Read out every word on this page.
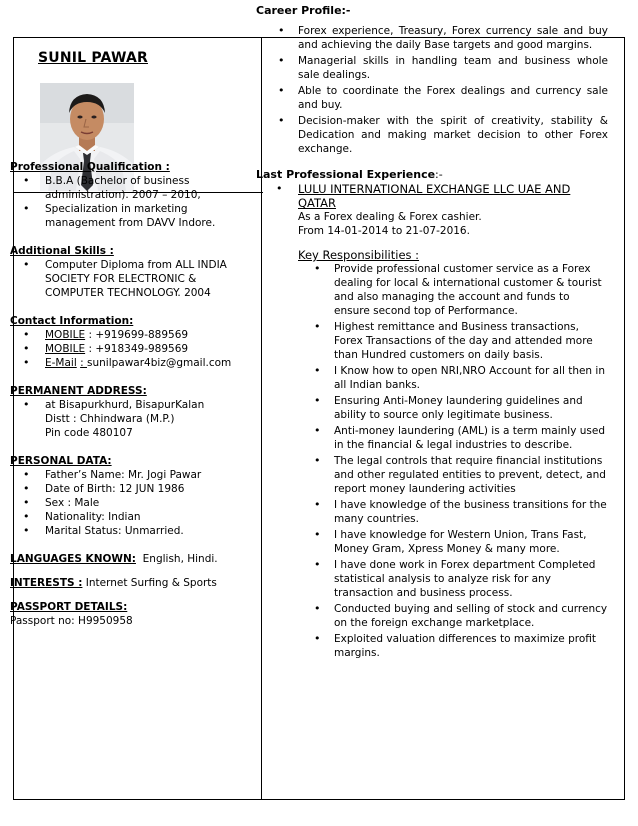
SUNIL PAWAR
Professional Qualification :
• B.B.A (Bachelor of business administration). 2007 – 2010,
• Specialization in marketing management from DAVV Indore.
Additional Skills :
• Computer Diploma from ALL INDIA SOCIETY FOR ELECTRONIC & COMPUTER TECHNOLOGY. 2004
Contact Information:
• MOBILE : +919699-889569
• MOBILE : +918349-989569
• E-Mail : sunilpawar4biz@gmail.com
PERMANENT ADDRESS:
• at Bisapurkhurd, BisapurKalan
Distt : Chhindwara (M.P.)
Pin code 480107
PERSONAL DATA:
• Father’s Name: Mr. Jogi Pawar
• Date of Birth: 12 JUN 1986
• Sex : Male
• Nationality: Indian
• Marital Status: Unmarried.
LANGUAGES KNOWN:  English, Hindi.
INTERESTS : Internet Surfing & Sports
PASSPORT DETAILS:
Passport no: H9950958
Career Profile:-
• Forex experience, Treasury, Forex currency sale and buy and achieving the daily Base targets and good margins.
• Managerial skills in handling team and business whole sale dealings.
• Able to coordinate the Forex dealings and currency sale and buy.
• Decision-maker with the spirit of creativity, stability & Dedication and making market decision to other Forex exchange.
Last Professional Experience:-
• LULU INTERNATIONAL EXCHANGE LLC UAE AND QATAR
As a Forex dealing & Forex cashier.
From 14-01-2014 to 21-07-2016.
Key Responsibilities :
• Provide professional customer service as a Forex dealing for local & international customer & tourist and also managing the account and funds to ensure second top of Performance.
• Highest remittance and Business transactions, Forex Transactions of the day and attended more than Hundred customers on daily basis.
• I Know how to open NRI,NRO Account for all then in all Indian banks.
• Ensuring Anti-Money laundering guidelines and ability to source only legitimate business.
• Anti-money laundering (AML) is a term mainly used in the financial & legal industries to describe.
• The legal controls that require financial institutions and other regulated entities to prevent, detect, and report money laundering activities
• I have knowledge of the business transitions for the many countries.
• I have knowledge for Western Union, Trans Fast, Money Gram, Xpress Money & many more.
• I have done work in Forex department Completed statistical analysis to analyze risk for any transaction and business process.
• Conducted buying and selling of stock and currency on the foreign exchange marketplace.
• Exploited valuation differences to maximize profit margins.
